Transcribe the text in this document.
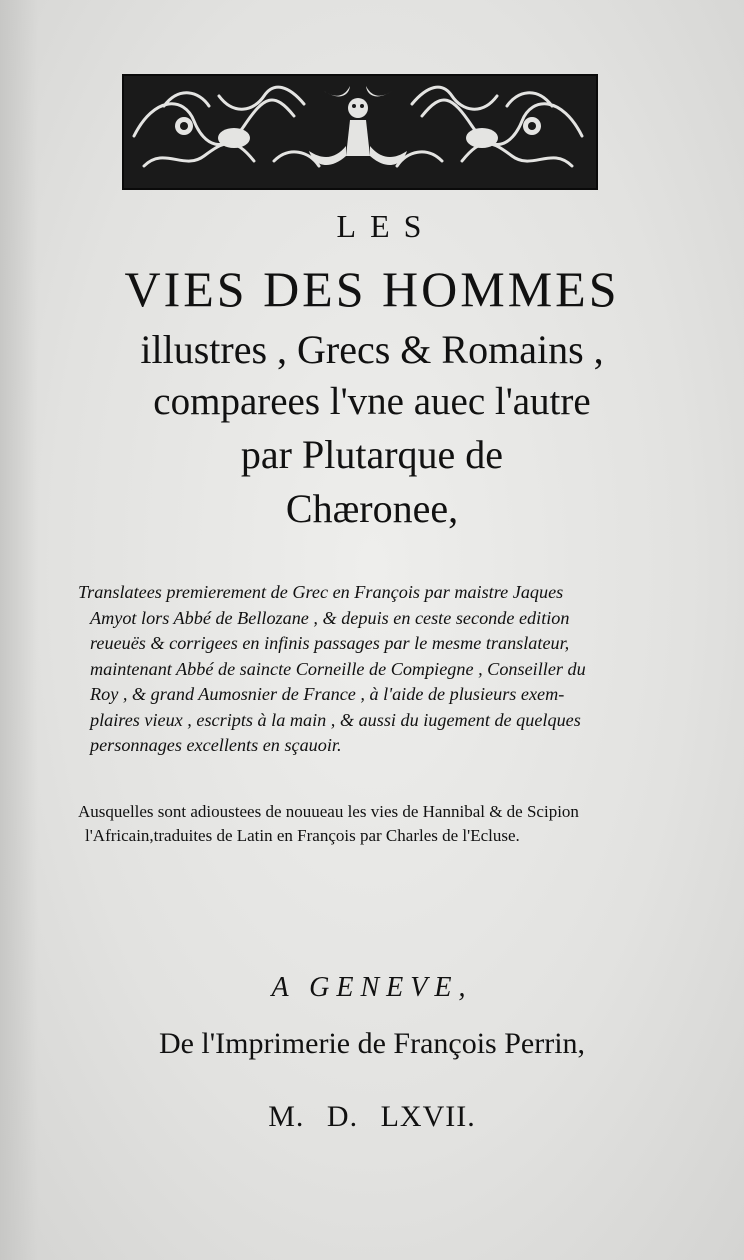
LES
VIES DES HOMMES
illustres , Grecs & Romains ,
comparees l'vne auec l'autre
par Plutarque de
Chæronee,
Translatees premierement de Grec en François par maistre Jaques
Amyot lors Abbé de Bellozane , & depuis en ceste seconde edition
reueuës & corrigees en infinis passages par le mesme translateur,
maintenant Abbé de saincte Corneille de Compiegne , Conseiller du
Roy , & grand Aumosnier de France , à l'aide de plusieurs exem-
plaires vieux , escripts à la main , & aussi du iugement de quelques
personnages excellents en sçauoir.
Ausquelles sont adioustees de nouueau les vies de Hannibal & de Scipion
l'Africain,traduites de Latin en François par Charles de l'Ecluse.
A GENEVE,
De l'Imprimerie de François Perrin,
M. D. LXVII.
